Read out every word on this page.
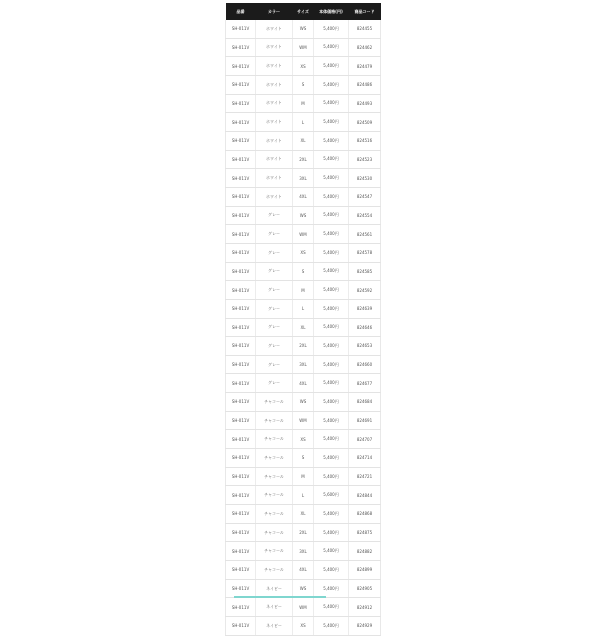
品番	カラー	サイズ	本体価格(円)	商品コード
SH-011V	ホワイト	WS	5,400円	824455
SH-011V	ホワイト	WM	5,400円	824462
SH-011V	ホワイト	XS	5,400円	824479
SH-011V	ホワイト	S	5,400円	824486
SH-011V	ホワイト	M	5,400円	824493
SH-011V	ホワイト	L	5,400円	824509
SH-011V	ホワイト	XL	5,400円	824516
SH-011V	ホワイト	2XL	5,400円	824523
SH-011V	ホワイト	3XL	5,400円	824530
SH-011V	ホワイト	4XL	5,400円	824547
SH-011V	グレー	WS	5,400円	824554
SH-011V	グレー	WM	5,400円	824561
SH-011V	グレー	XS	5,400円	824578
SH-011V	グレー	S	5,400円	824585
SH-011V	グレー	M	5,400円	824592
SH-011V	グレー	L	5,400円	824639
SH-011V	グレー	XL	5,400円	824646
SH-011V	グレー	2XL	5,400円	824653
SH-011V	グレー	3XL	5,400円	824660
SH-011V	グレー	4XL	5,400円	824677
SH-011V	チャコール	WS	5,400円	824684
SH-011V	チャコール	WM	5,400円	824691
SH-011V	チャコール	XS	5,400円	824707
SH-011V	チャコール	S	5,400円	824714
SH-011V	チャコール	M	5,400円	824721
SH-011V	チャコール	L	5,600円	824844
SH-011V	チャコール	XL	5,400円	824868
SH-011V	チャコール	2XL	5,400円	824875
SH-011V	チャコール	3XL	5,400円	824882
SH-011V	チャコール	4XL	5,400円	824899
SH-011V	ネイビー	WS	5,400円	824905
SH-011V	ネイビー	WM	5,400円	824912
SH-011V	ネイビー	XS	5,400円	824929
